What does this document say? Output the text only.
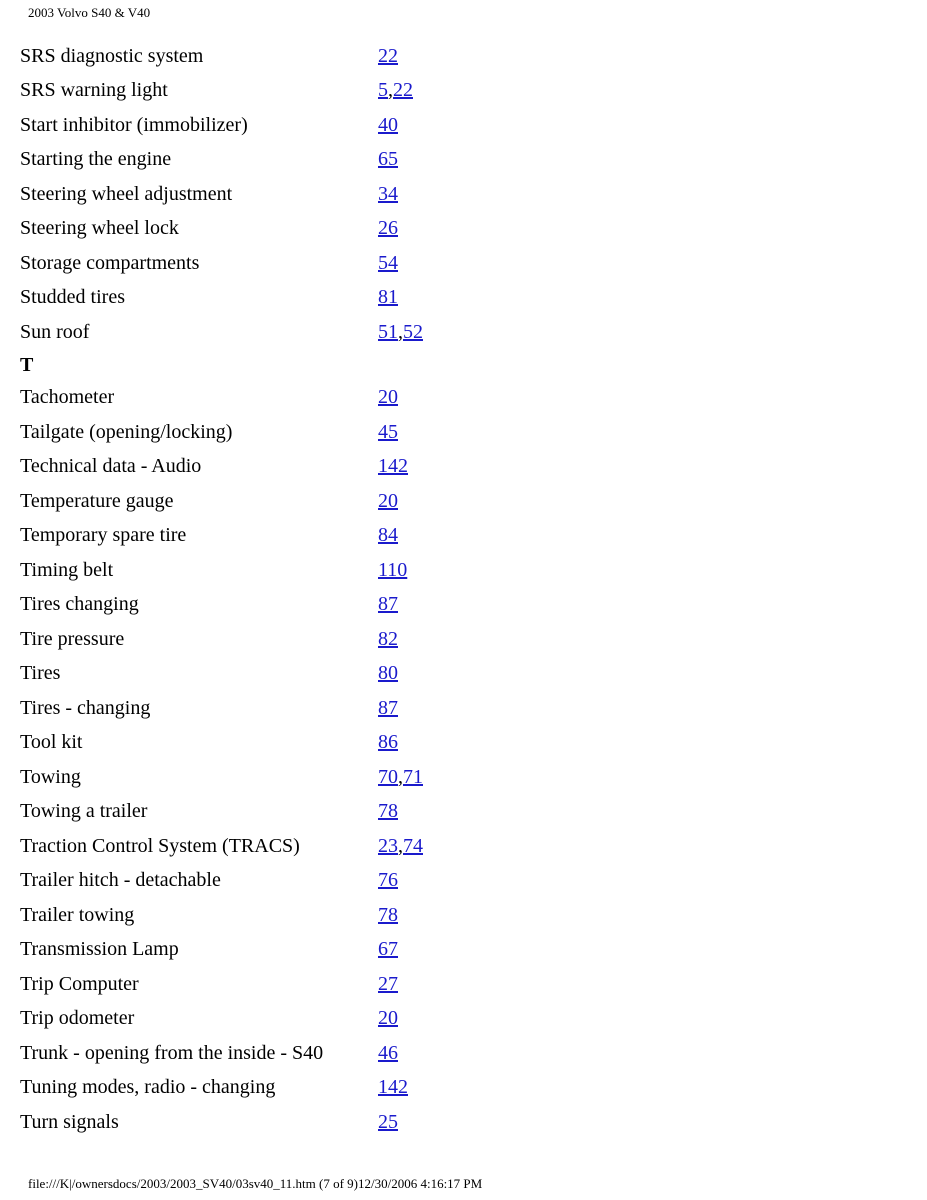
2003 Volvo S40 & V40
SRS diagnostic system	22
SRS warning light	5,22
Start inhibitor (immobilizer)	40
Starting the engine	65
Steering wheel adjustment	34
Steering wheel lock	26
Storage compartments	54
Studded tires	81
Sun roof	51,52
T
Tachometer	20
Tailgate (opening/locking)	45
Technical data - Audio	142
Temperature gauge	20
Temporary spare tire	84
Timing belt	110
Tires changing	87
Tire pressure	82
Tires	80
Tires - changing	87
Tool kit	86
Towing	70,71
Towing a trailer	78
Traction Control System (TRACS)	23,74
Trailer hitch - detachable	76
Trailer towing	78
Transmission Lamp	67
Trip Computer	27
Trip odometer	20
Trunk - opening from the inside - S40	46
Tuning modes, radio - changing	142
Turn signals	25
file:///K|/ownersdocs/2003/2003_SV40/03sv40_11.htm (7 of 9)12/30/2006 4:16:17 PM
